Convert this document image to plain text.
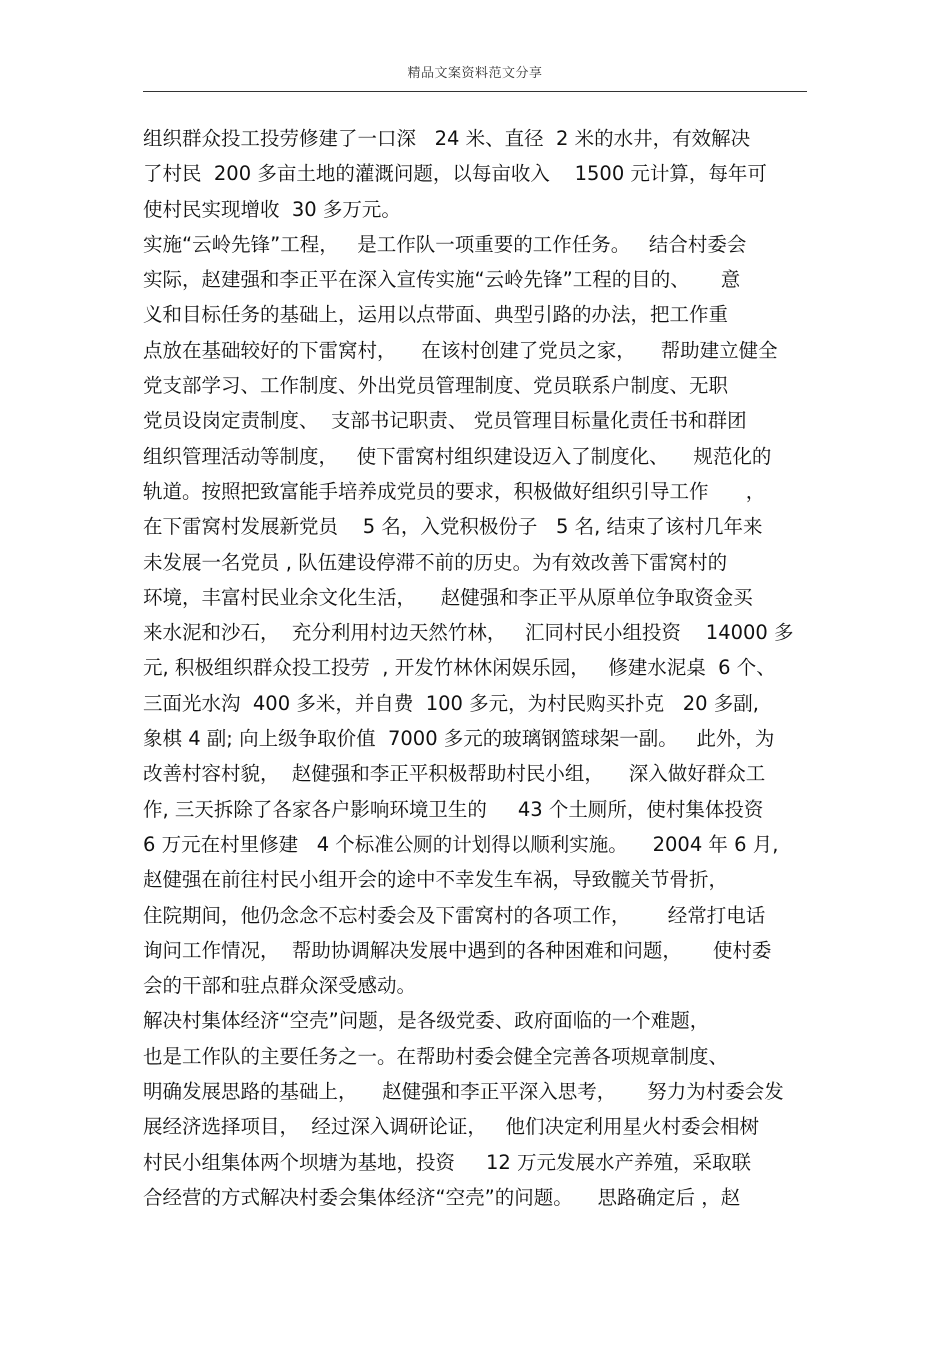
精品文案资料范文分享
组织群众投工投劳修建了一口深   24 米、直径  2 米的水井，有效解决
了村民  200 多亩土地的灌溉问题，以每亩收入    1500 元计算，每年可
使村民实现增收  30 多万元。
实施“云岭先锋”工程，   是工作队一项重要的工作任务。   结合村委会
实际，赵建强和李正平在深入宣传实施“云岭先锋”工程的目的、     意
义和目标任务的基础上，运用以点带面、典型引路的办法，把工作重
点放在基础较好的下雷窝村，    在该村创建了党员之家，    帮助建立健全
党支部学习、工作制度、外出党员管理制度、党员联系户制度、无职
党员设岗定责制度、  支部书记职责、 党员管理目标量化责任书和群团
组织管理活动等制度，   使下雷窝村组织建设迈入了制度化、    规范化的
轨道。按照把致富能手培养成党员的要求，积极做好组织引导工作      ，
在下雷窝村发展新党员    5 名，入党积极份子   5 名, 结束了该村几年来
未发展一名党员 , 队伍建设停滞不前的历史。为有效改善下雷窝村的
环境，丰富村民业余文化生活，    赵健强和李正平从原单位争取资金买
来水泥和沙石，  充分利用村边天然竹林，   汇同村民小组投资    14000 多
元, 积极组织群众投工投劳  , 开发竹林休闲娱乐园，   修建水泥桌  6 个、
三面光水沟  400 多米，并自费  100 多元，为村民购买扑克   20 多副,
象棋 4 副; 向上级争取价值  7000 多元的玻璃钢篮球架一副。   此外，为
改善村容村貌，  赵健强和李正平积极帮助村民小组，    深入做好群众工
作, 三天拆除了各家各户影响环境卫生的     43 个土厕所，使村集体投资
6 万元在村里修建   4 个标准公厕的计划得以顺利实施。    2004 年 6 月,
赵健强在前往村民小组开会的途中不幸发生车祸，导致髋关节骨折，
住院期间，他仍念念不忘村委会及下雷窝村的各项工作，      经常打电话
询问工作情况，  帮助协调解决发展中遇到的各种困难和问题，     使村委
会的干部和驻点群众深受感动。
解决村集体经济“空壳”问题，是各级党委、政府面临的一个难题，
也是工作队的主要任务之一。在帮助村委会健全完善各项规章制度、
明确发展思路的基础上，    赵健强和李正平深入思考，     努力为村委会发
展经济选择项目，  经过深入调研论证，   他们决定利用星火村委会相树
村民小组集体两个坝塘为基地，投资     12 万元发展水产养殖，采取联
合经营的方式解决村委会集体经济“空壳”的问题。    思路确定后 ，赵
